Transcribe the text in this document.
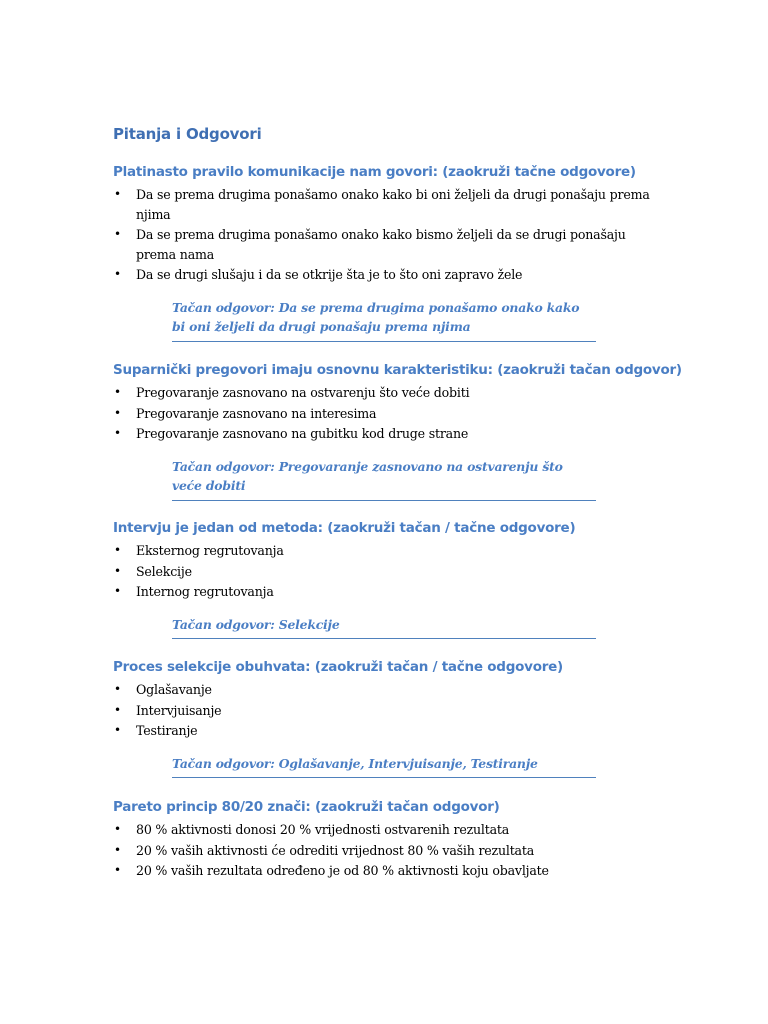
Pitanja i Odgovori
Platinasto pravilo komunikacije nam govori: (zaokruži tačne odgovore)
• Da se prema drugima ponašamo onako kako bi oni željeli da drugi ponašaju prema njima
• Da se prema drugima ponašamo onako kako bismo željeli da se drugi ponašaju prema nama
• Da se drugi slušaju i da se otkrije šta je to što oni zapravo žele
Tačan odgovor: Da se prema drugima ponašamo onako kako bi oni željeli da drugi ponašaju prema njima
Suparnički pregovori imaju osnovnu karakteristiku: (zaokruži tačan odgovor)
• Pregovaranje zasnovano na ostvarenju što veće dobiti
• Pregovaranje zasnovano na interesima
• Pregovaranje zasnovano na gubitku kod druge strane
Tačan odgovor: Pregovaranje zasnovano na ostvarenju što veće dobiti
Intervju je jedan od metoda: (zaokruži tačan / tačne odgovore)
• Eksternog regrutovanja
• Selekcije
• Internog regrutovanja
Tačan odgovor: Selekcije
Proces selekcije obuhvata: (zaokruži tačan / tačne odgovore)
• Oglašavanje
• Intervjuisanje
• Testiranje
Tačan odgovor: Oglašavanje, Intervjuisanje, Testiranje
Pareto princip 80/20 znači: (zaokruži tačan odgovor)
• 80 % aktivnosti donosi 20 % vrijednosti ostvarenih rezultata
• 20 % vaših aktivnosti će odrediti vrijednost 80 % vaših rezultata
• 20 % vaših rezultata određeno je od 80 % aktivnosti koju obavljate
